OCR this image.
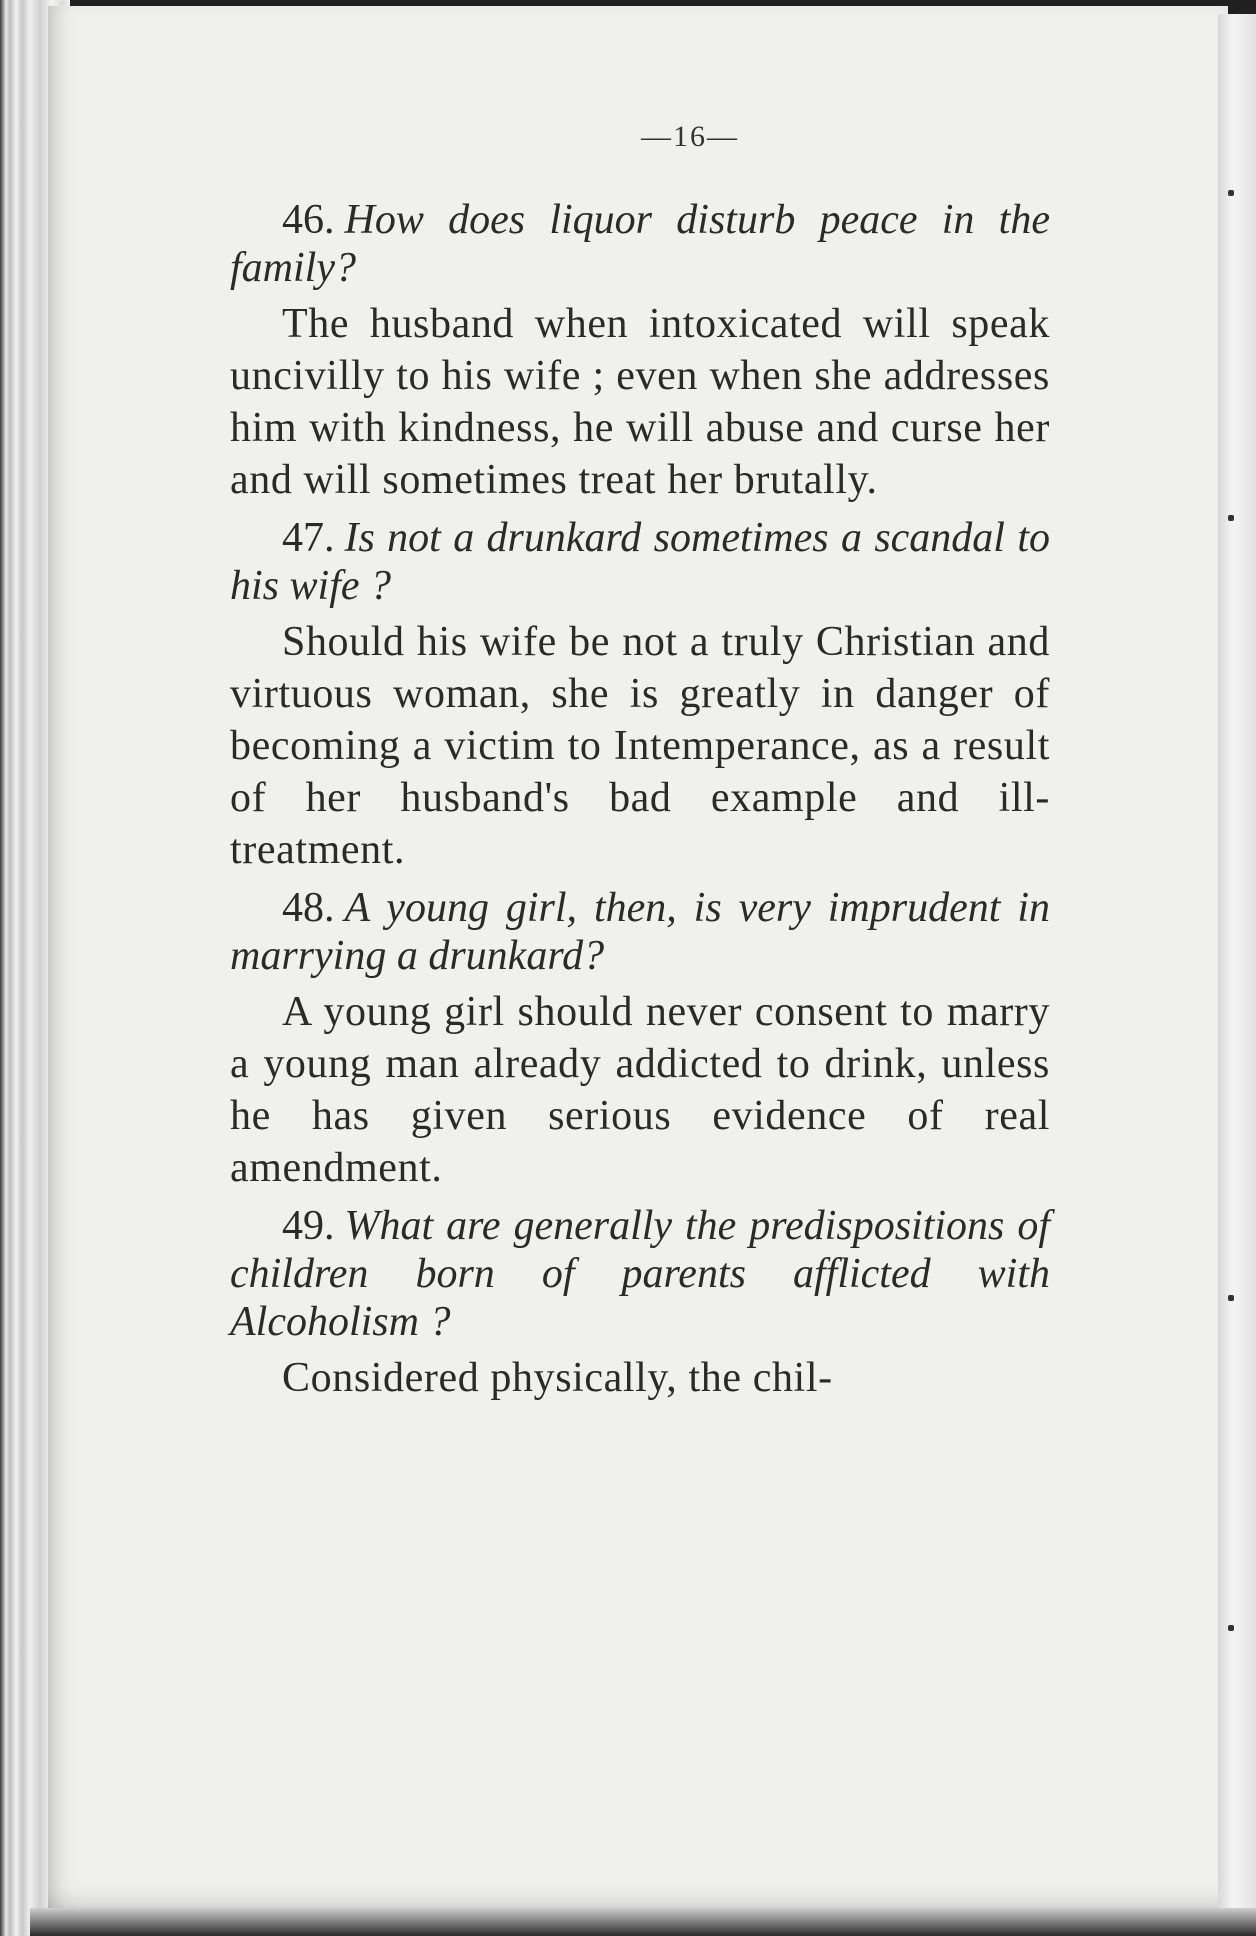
—16—

46. How does liquor disturb peace in the family?

The husband when intoxicated will speak uncivilly to his wife ; even when she addresses him with kindness, he will abuse and curse her and will sometimes treat her brutally.

47. Is not a drunkard sometimes a scandal to his wife ?

Should his wife be not a truly Christian and virtuous woman, she is greatly in danger of becoming a victim to Intemperance, as a result of her husband's bad example and ill-treatment.

48. A young girl, then, is very imprudent in marrying a drunkard?

A young girl should never consent to marry a young man already addicted to drink, unless he has given serious evidence of real amendment.

49. What are generally the predispositions of children born of parents afflicted with Alcoholism ?

Considered physically, the chil-
